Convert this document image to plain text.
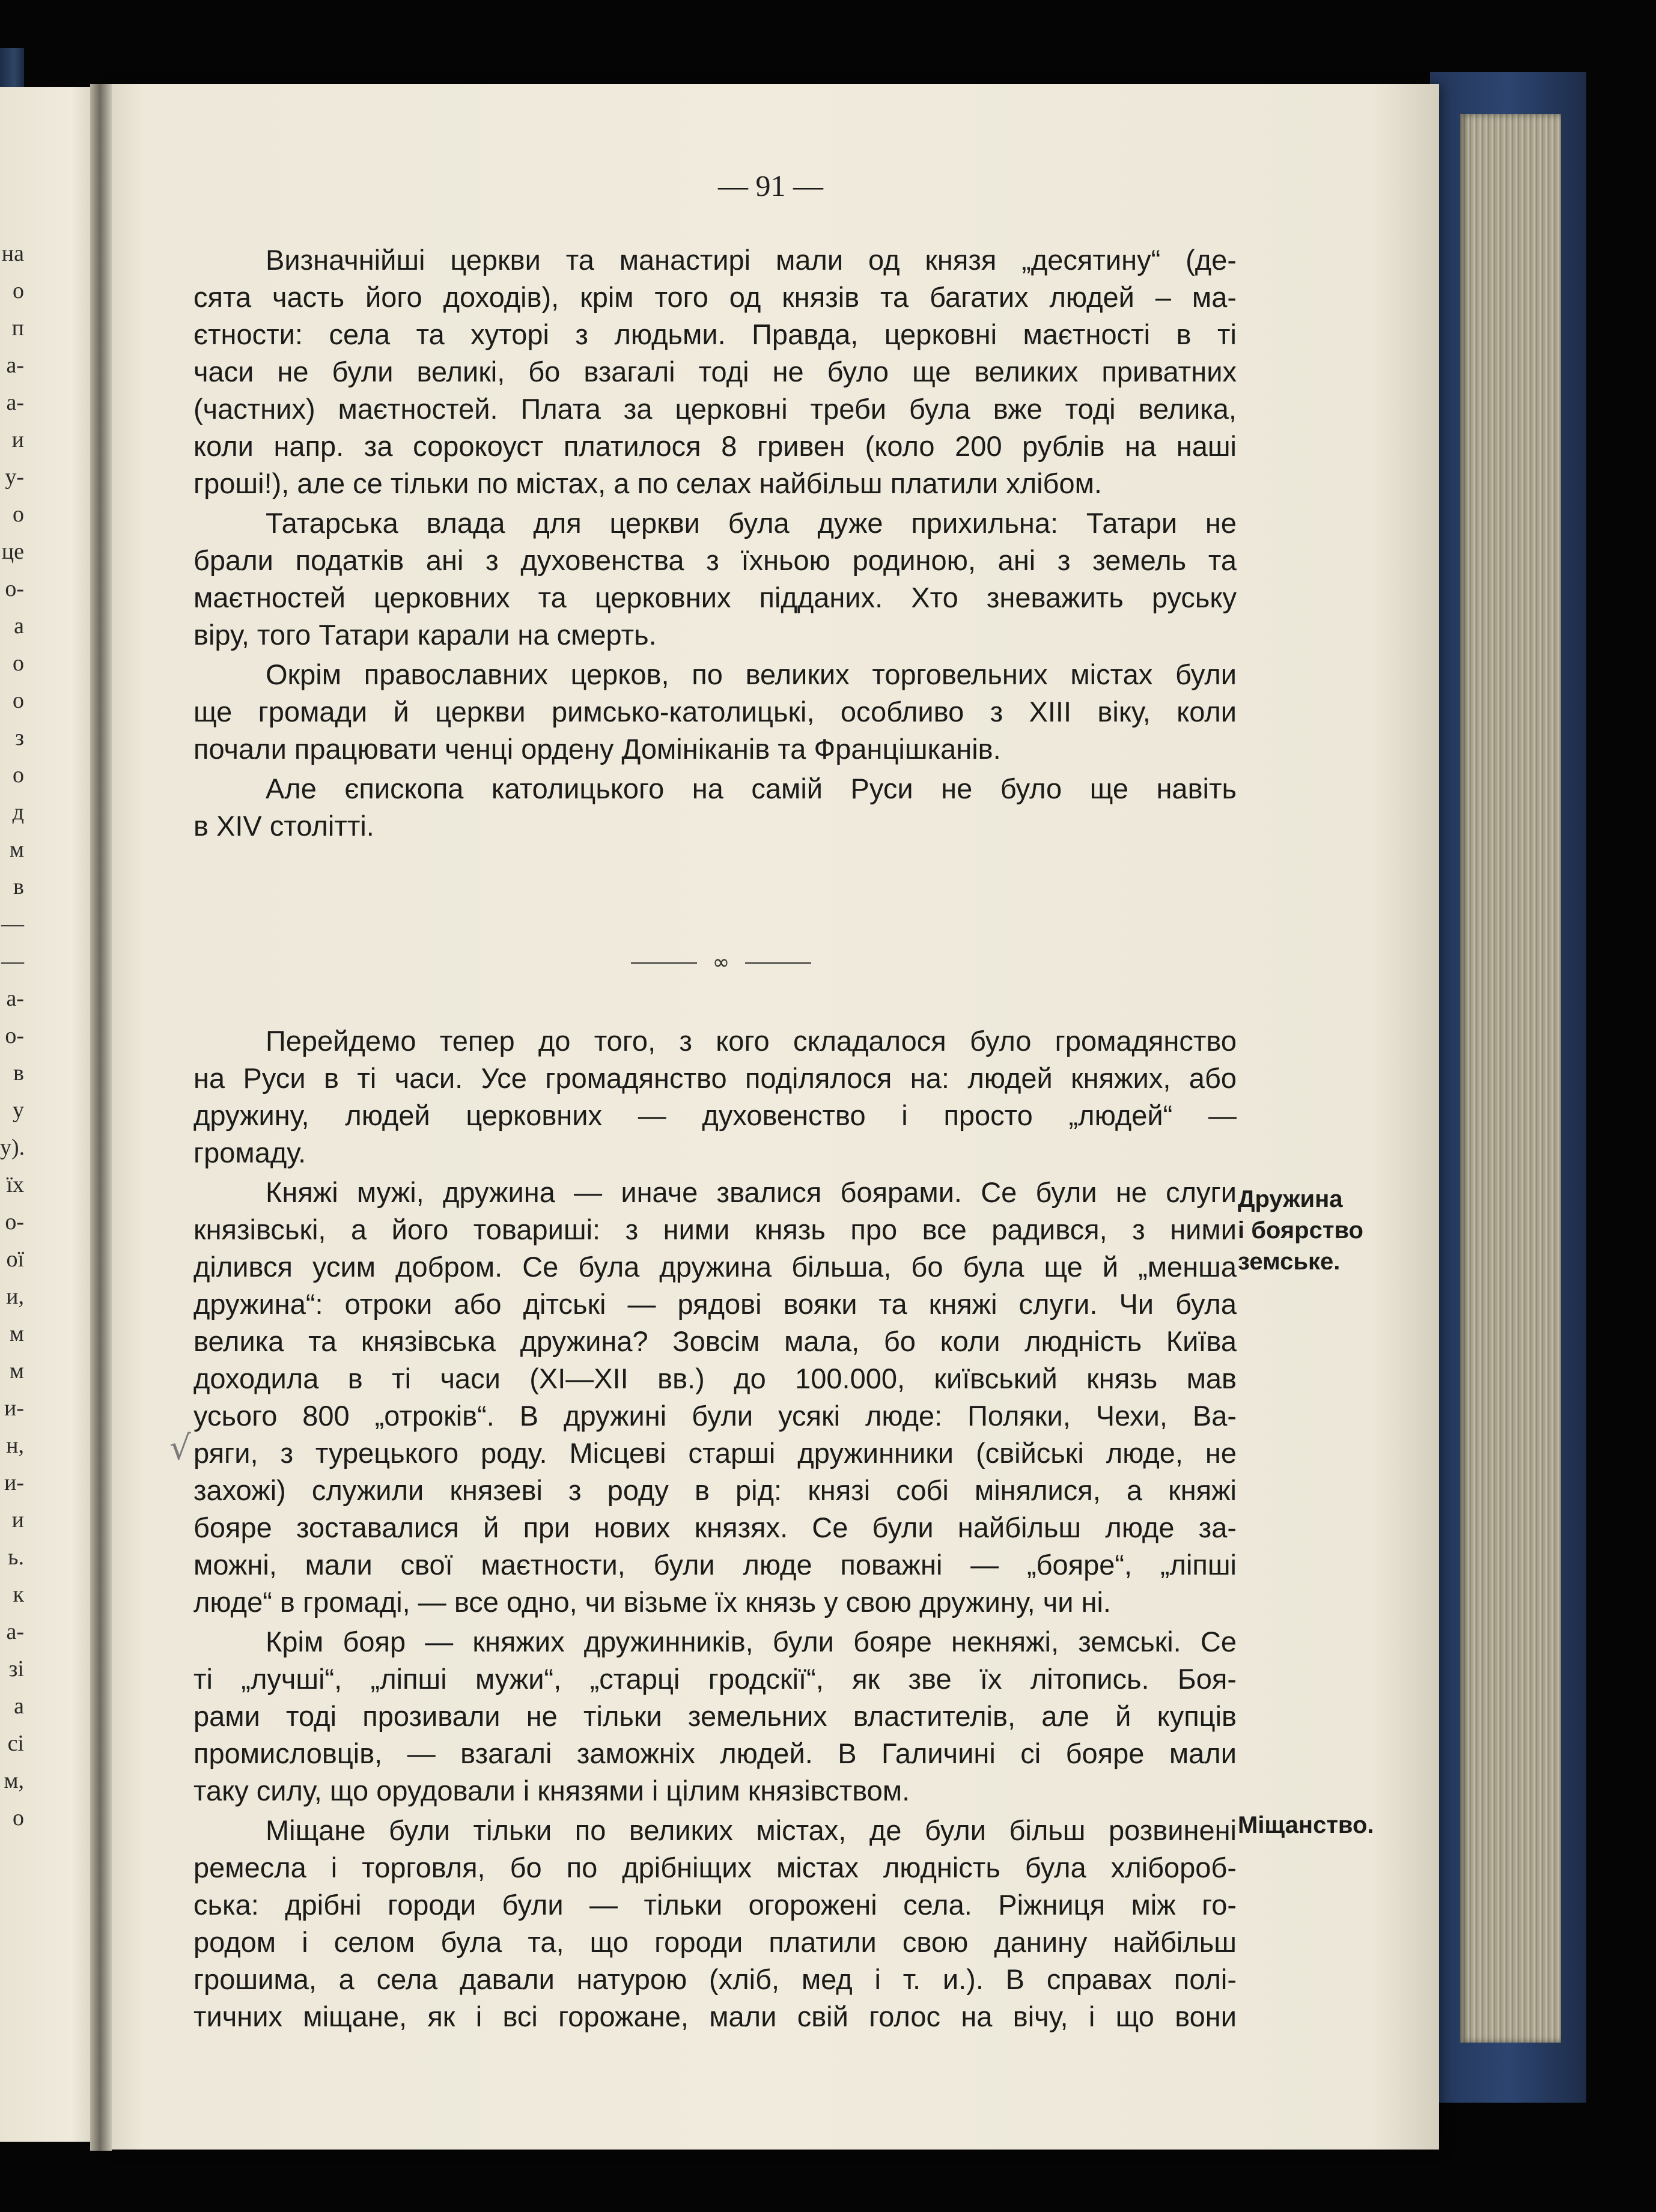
на
о
п
а-
а-
и
у-
о
це
о-
а
о
о
з
о
д
м
в
—
—
а-
о-
в
у
у).
їх
о-
ої
и,
м
м
и-
н,
и-
и
ь.
к
а-
зі
а
сі
м,
о
— 91 —
∞
√
Визначнійші церкви та манастирі мали од князя „десятину“ (де-
сята часть його доходів), крім того од князів та багатих людей – ма-
єтности: села та хуторі з людьми. Правда, церковні маєтності в ті
часи не були великі, бо взагалі тоді не було ще великих приватних
(частних) маєтностей. Плата за церковні треби була вже тоді велика,
коли напр. за сорокоуст платилося 8 гривен (коло 200 рублів на наші
гроші!), але се тільки по містах, а по селах найбільш платили хлібом.
Татарська влада для церкви була дуже прихильна: Татари не
брали податків ані з духовенства з їхньою родиною, ані з земель та
маєтностей церковних та церковних підданих. Хто зневажить руську
віру, того Татари карали на смерть.
Окрім православних церков, по великих торговельних містах були
ще громади й церкви римсько-католицькі, особливо з XIII віку, коли
почали працювати ченці ордену Домініканів та Францішканів.
Але єпископа католицького на самій Руси не було ще навіть
в XIV столітті.
Перейдемо тепер до того, з кого складалося було громадянство
на Руси в ті часи. Усе громадянство поділялося на: людей княжих, або
дружину, людей церковних — духовенство і просто „людей“ —
громаду.
Княжі мужі, дружина — иначе звалися боярами. Се були не слуги
князівські, а його товариші: з ними князь про все радився, з ними
ділився усим добром. Се була дружина більша, бо була ще й „менша
дружина“: отроки або дітські — рядові вояки та княжі слуги. Чи була
велика та князівська дружина? Зовсім мала, бо коли людність Київа
доходила в ті часи (XI—XII вв.) до 100.000, київський князь мав
усього 800 „отроків“. В дружині були усякі люде: Поляки, Чехи, Ва-
ряги, з турецького роду. Місцеві старші дружинники (свійські люде, не
захожі) служили князеві з роду в рід: князі собі мінялися, а княжі
бояре зоставалися й при нових князях. Се були найбільш люде за-
можні, мали свої маєтности, були люде поважні — „бояре“, „ліпші
люде“ в громаді, — все одно, чи візьме їх князь у свою дружину, чи ні.
Крім бояр — княжих дружинників, були бояре некняжі, земські. Се
ті „лучші“, „ліпші мужи“, „старці гродскії“, як зве їх літопись. Боя-
рами тоді прозивали не тільки земельних властителів, але й купців
промисловців, — взагалі заможніх людей. В Галичині сі бояре мали
таку силу, що орудовали і князями і цілим князівством.
Міщане були тільки по великих містах, де були більш розвинені
ремесла і торговля, бо по дрібніщих містах людність була хлібороб-
ська: дрібні городи були — тільки огорожені села. Ріжниця між го-
родом і селом була та, що городи платили свою данину найбільш
грошима, а села давали натурою (хліб, мед і т. и.). В справах полі-
тичних міщане, як і всі горожане, мали свій голос на вічу, і що вони
Дружина
і боярство
земське.
Міщанство.
